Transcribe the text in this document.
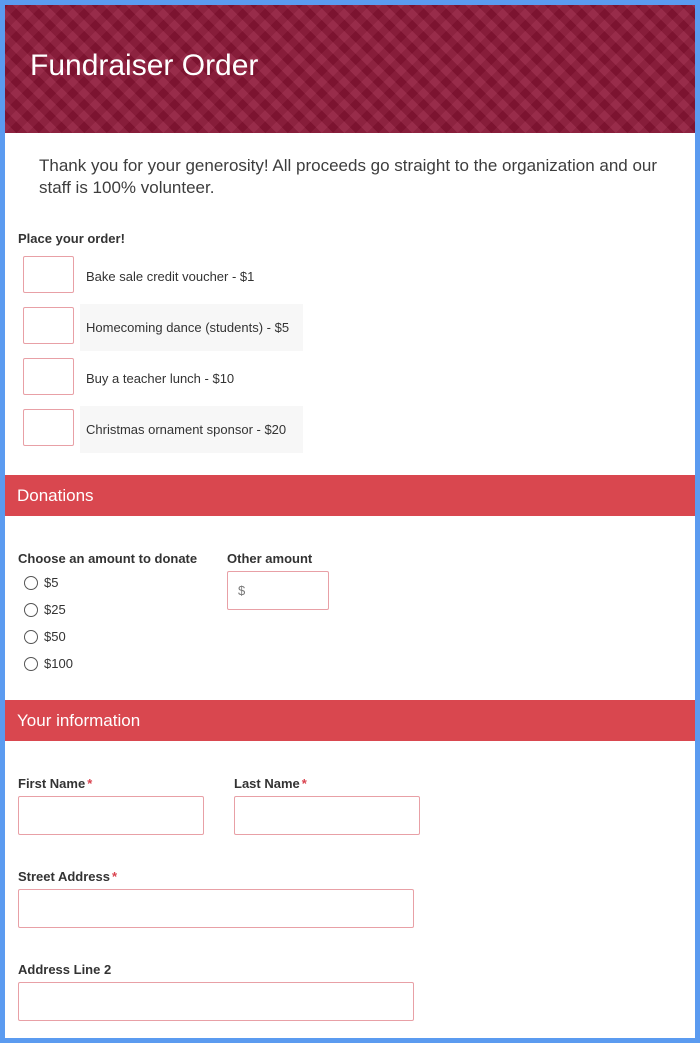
Fundraiser Order

Thank you for your generosity! All proceeds go straight to the organization and our staff is 100% volunteer.

Place your order!
Bake sale credit voucher - $1
Homecoming dance (students) - $5
Buy a teacher lunch - $10
Christmas ornament sponsor - $20
Donations
Choose an amount to donate
$5
$25
$50
$100
Other amount
$
Your information
First Name *	Last Name *
Street Address *
Address Line 2
